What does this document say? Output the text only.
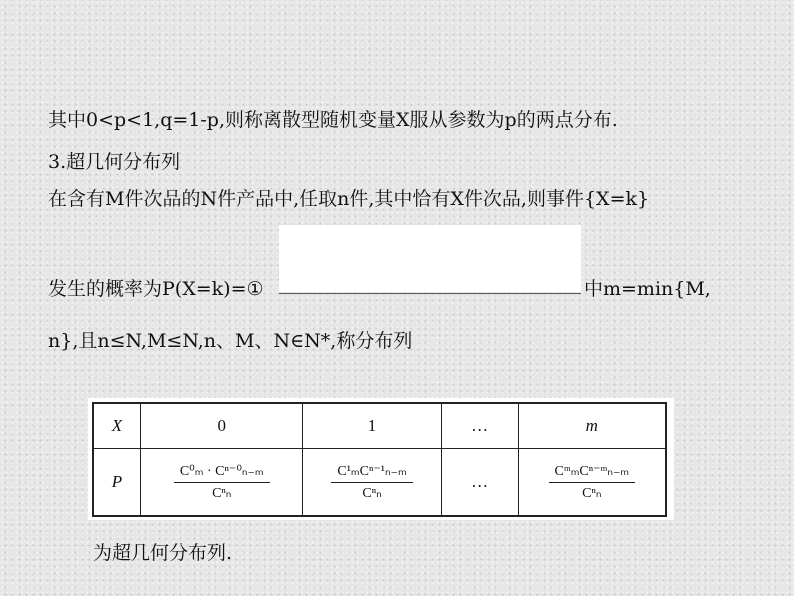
其中0<p<1,q=1-p,则称离散型随机变量X服从参数为p的两点分布.
3.超几何分布列
在含有M件次品的N件产品中,任取n件,其中恰有X件次品,则事件{X=k}
发生的概率为P(X=k)=①	中m=min{M,
n},且n≤N,M≤N,n、M、N∈N*,称分布列
X	0	1	…	m
P	$\frac{\text{C⁰ₘ · Cⁿ⁻⁰ₙ₋ₘ}}{\text{Cⁿₙ}}$	$\frac{\text{C¹ₘCⁿ⁻¹ₙ₋ₘ}}{\text{Cⁿₙ}}$	…	$\frac{\text{CᵐₘCⁿ⁻ᵐₙ₋ₘ}}{\text{Cⁿₙ}}$
为超几何分布列.
